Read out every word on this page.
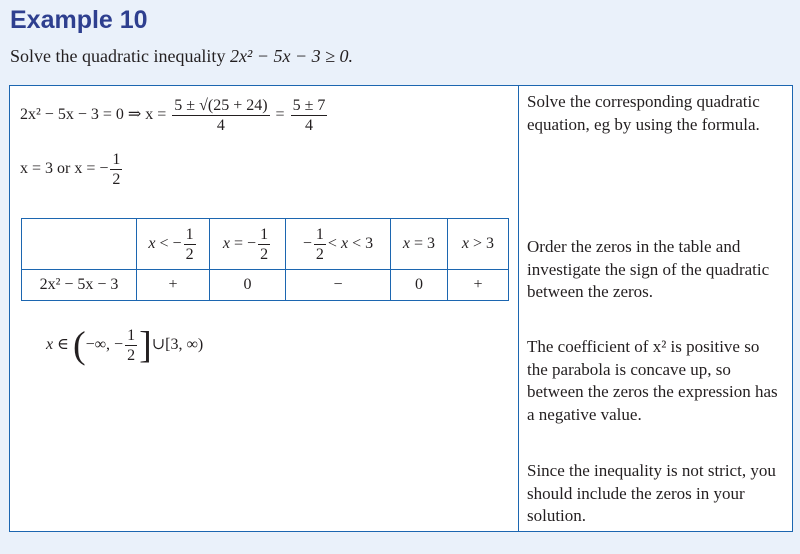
Example 10
Solve the quadratic inequality 2x² − 5x − 3 ≥ 0.
2x² − 5x − 3 = 0 ⇒ $x = \frac{5 \pm √(25 + 24)}{4} = \frac{5 \pm 7}{4}$
x = 3 or x = − $\frac{1}{2}$
	x < − $\frac{1}{2}$	x = − $\frac{1}{2}$	− $\frac{1}{2} < x < 3$	x = 3	x > 3
2x² − 5x − 3	+	0	−	0	+
x ∈ (−∞, − $\frac{1}{2}$ ]∪[3, ∞)
Solve the corresponding quadratic equation, eg by using the formula.
Order the zeros in the table and investigate the sign of the quadratic between the zeros.
The coefficient of x² is positive so the parabola is concave up, so between the zeros the expression has a negative value.
Since the inequality is not strict, you should include the zeros in your solution.
